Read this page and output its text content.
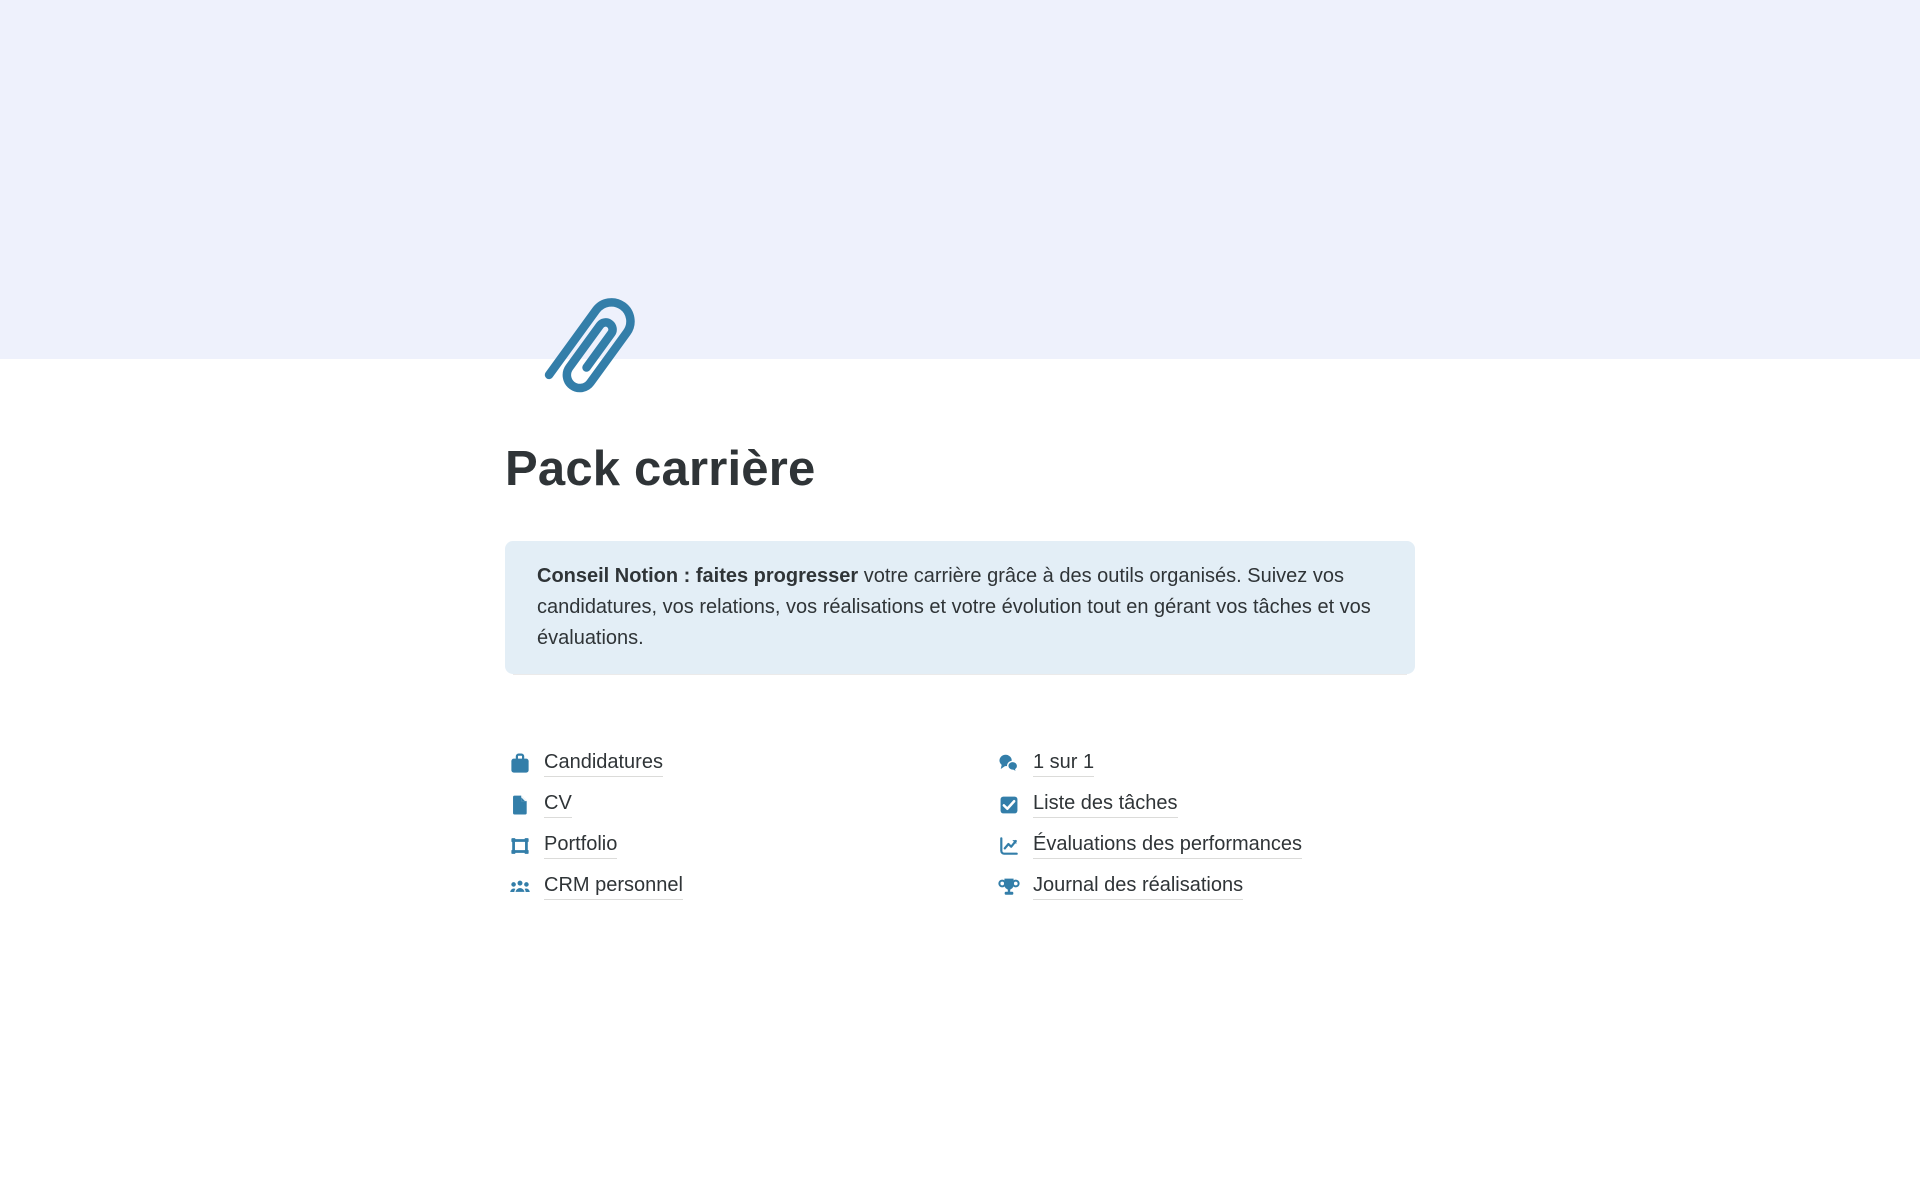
Pack carrière
Conseil Notion : faites progresser votre carrière grâce à des outils organisés. Suivez vos candidatures, vos relations, vos réalisations et votre évolution tout en gérant vos tâches et vos évaluations.
Candidatures
CV
Portfolio
CRM personnel
1 sur 1
Liste des tâches
Évaluations des performances
Journal des réalisations
